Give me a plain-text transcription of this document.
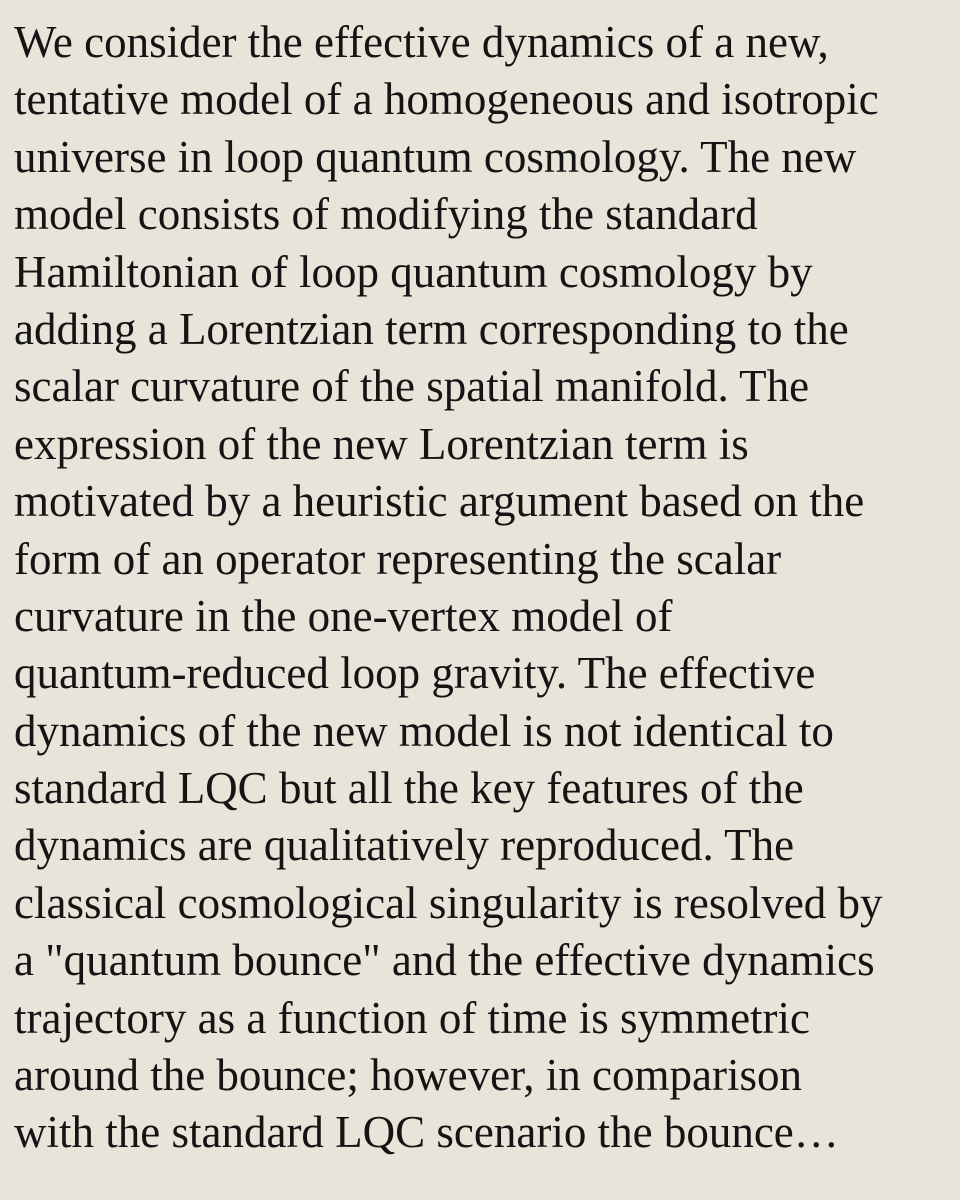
We consider the effective dynamics of a new,
tentative model of a homogeneous and isotropic
universe in loop quantum cosmology. The new
model consists of modifying the standard
Hamiltonian of loop quantum cosmology by
adding a Lorentzian term corresponding to the
scalar curvature of the spatial manifold. The
expression of the new Lorentzian term is
motivated by a heuristic argument based on the
form of an operator representing the scalar
curvature in the one-vertex model of
quantum-reduced loop gravity. The effective
dynamics of the new model is not identical to
standard LQC but all the key features of the
dynamics are qualitatively reproduced. The
classical cosmological singularity is resolved by
a "quantum bounce" and the effective dynamics
trajectory as a function of time is symmetric
around the bounce; however, in comparison
with the standard LQC scenario the bounce…
